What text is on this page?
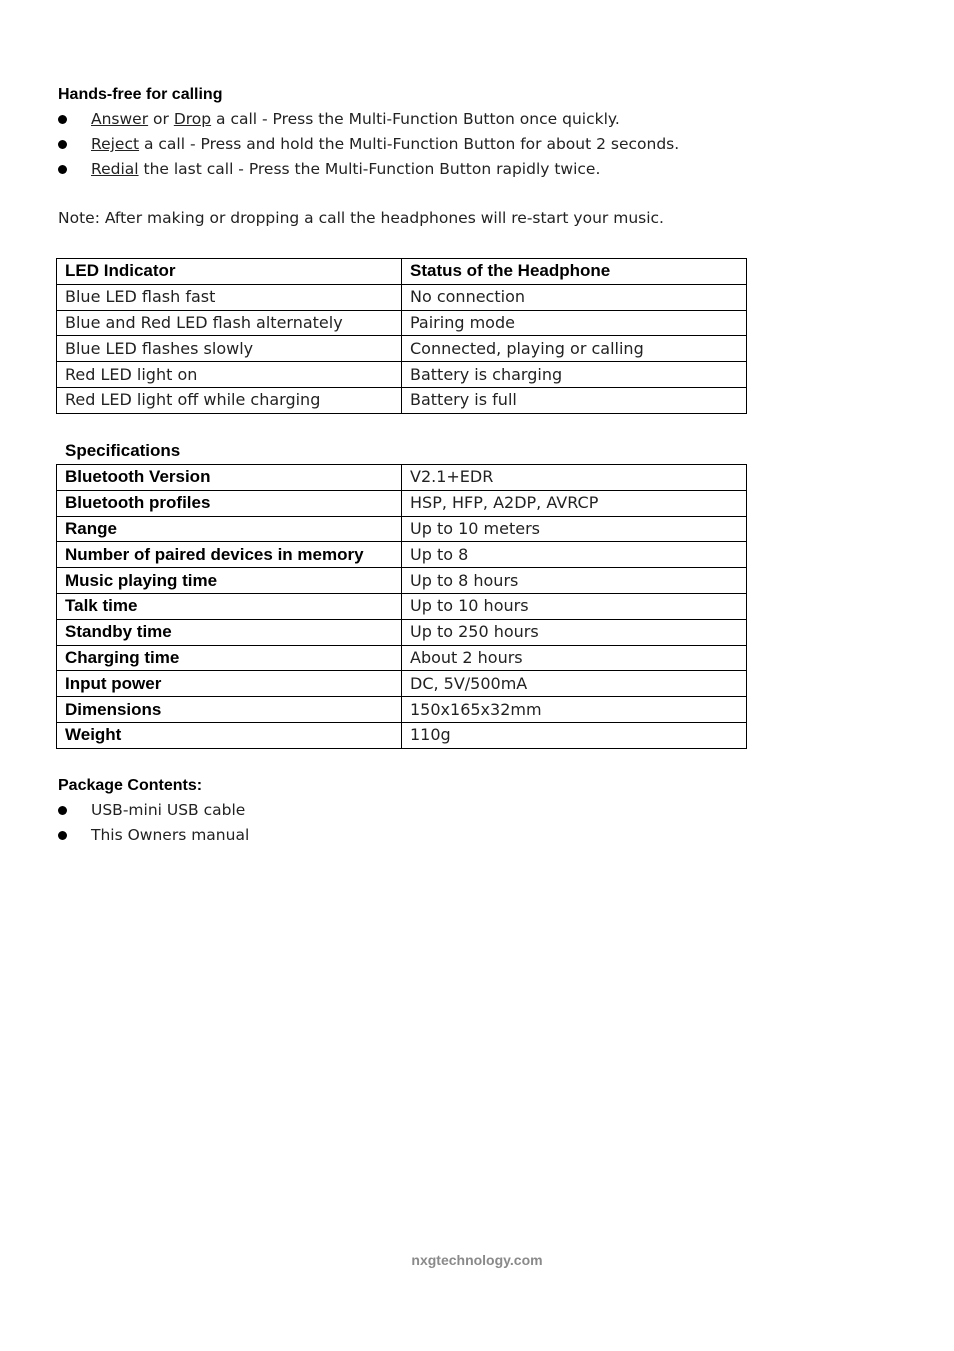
Hands-free for calling
Answer or Drop a call - Press the Multi-Function Button once quickly.
Reject a call - Press and hold the Multi-Function Button for about 2 seconds.
Redial the last call - Press the Multi-Function Button rapidly twice.
Note: After making or dropping a call the headphones will re-start your music.
LED Indicator	Status of the Headphone
Blue LED flash fast	No connection
Blue and Red LED flash alternately	Pairing mode
Blue LED flashes slowly	Connected, playing or calling
Red LED light on	Battery is charging
Red LED light off while charging	Battery is full
Specifications
Bluetooth Version	V2.1+EDR
Bluetooth profiles	HSP, HFP, A2DP, AVRCP
Range	Up to 10 meters
Number of paired devices in memory	Up to 8
Music playing time	Up to 8 hours
Talk time	Up to 10 hours
Standby time	Up to 250 hours
Charging time	About 2 hours
Input power	DC, 5V/500mA
Dimensions	150x165x32mm
Weight	110g
Package Contents:
USB-mini USB cable
This Owners manual
nxgtechnology.com
